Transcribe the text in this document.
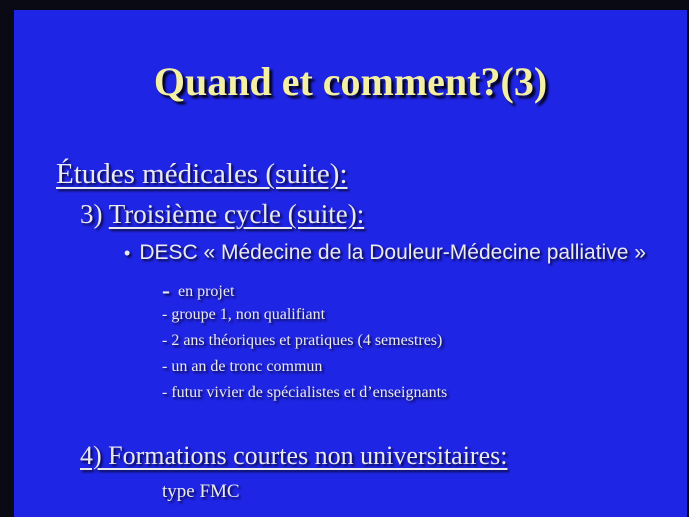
Quand et comment?(3)
Études médicales (suite):
3) Troisième cycle (suite):
• DESC « Médecine de la Douleur-Médecine palliative »
- en projet
- groupe 1, non qualifiant
- 2 ans théoriques et pratiques (4 semestres)
- un an de tronc commun
- futur vivier de spécialistes et d’enseignants
4) Formations courtes non universitaires:
type FMC
